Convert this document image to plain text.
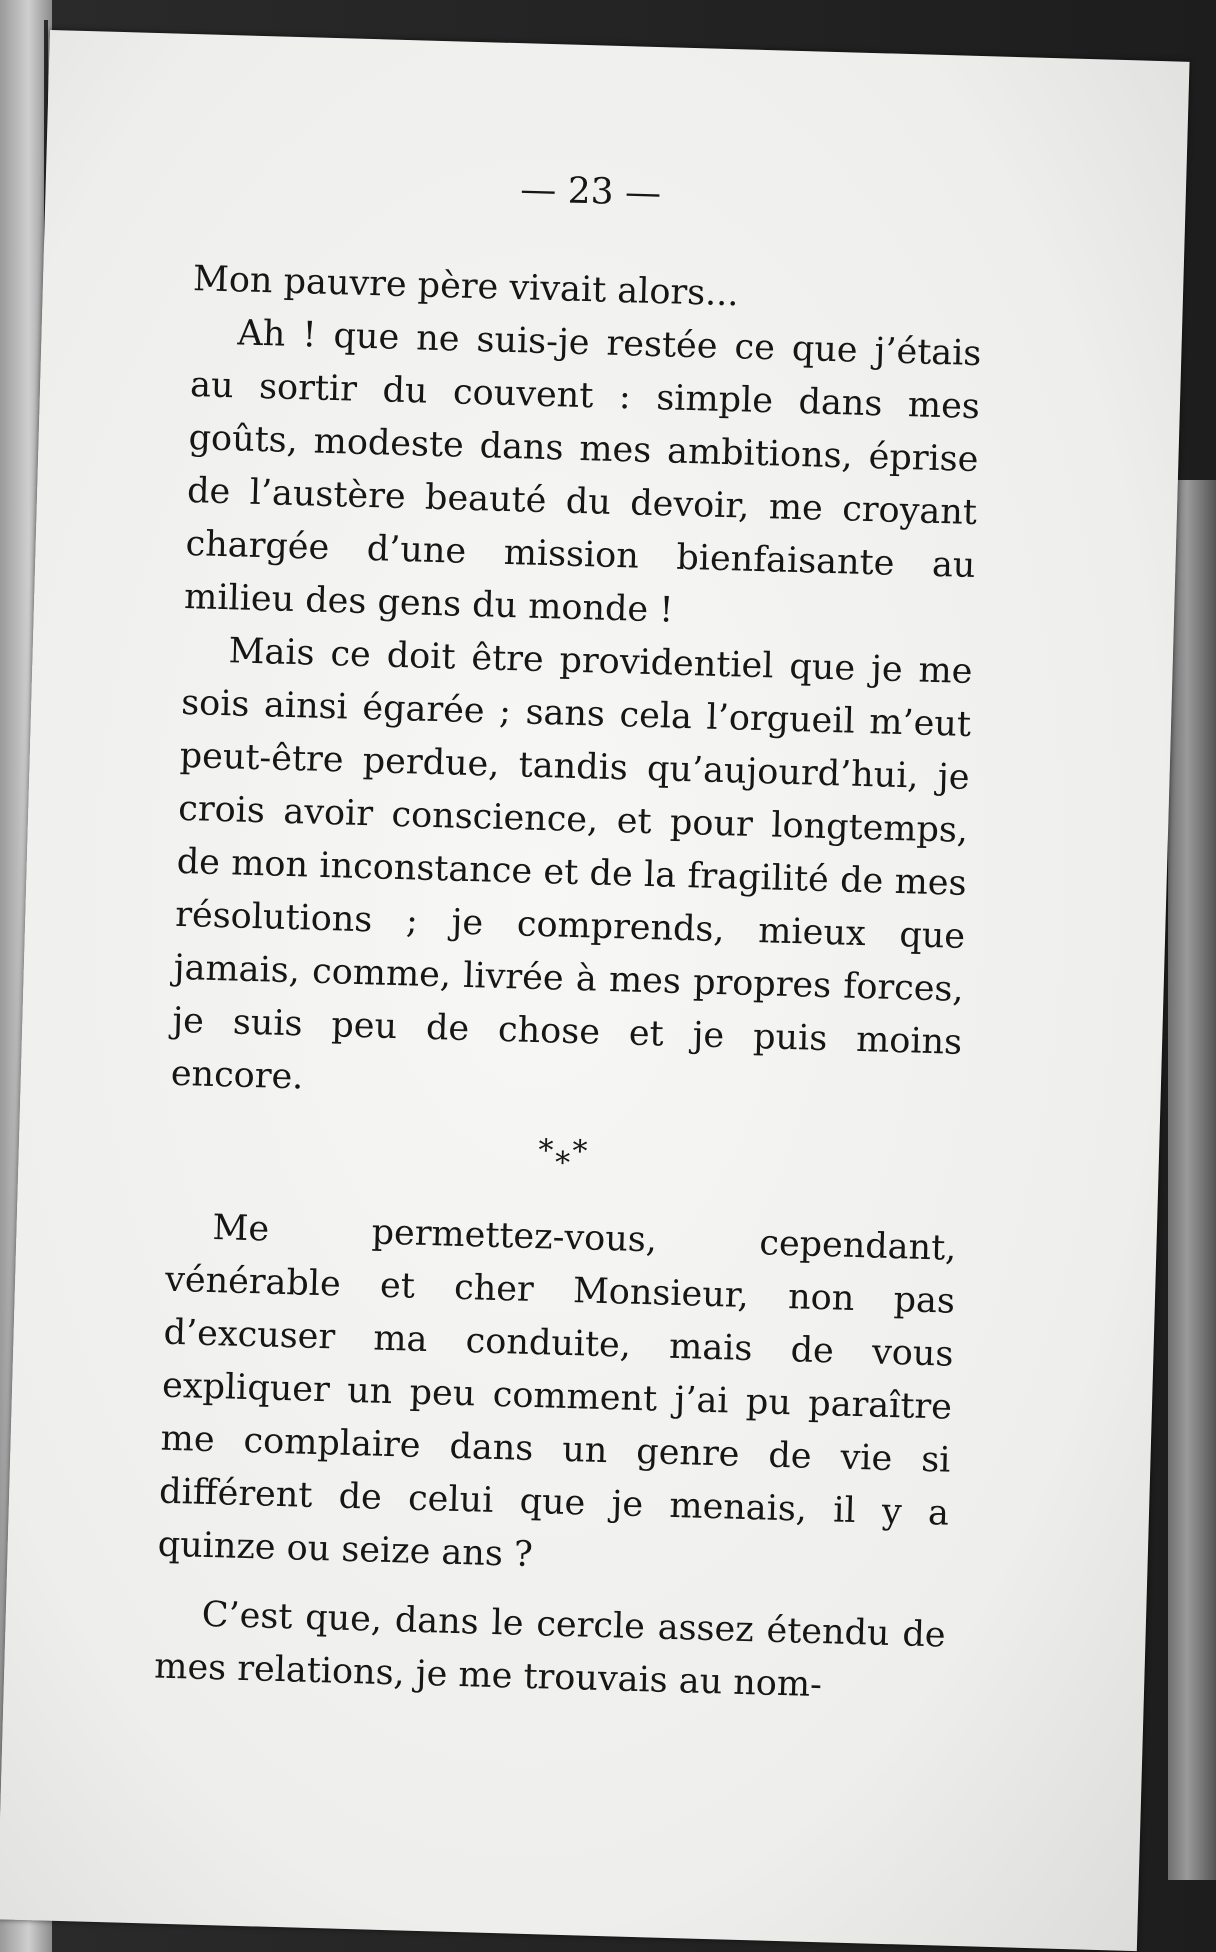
— 23 —

Mon pauvre père vivait alors...

Ah ! que ne suis-je restée ce que j’étais au sortir du couvent : simple dans mes goûts, modeste dans mes ambitions, éprise de l’austère beauté du devoir, me croyant chargée d’une mission bienfaisante au milieu des gens du monde !

Mais ce doit être providentiel que je me sois ainsi égarée ; sans cela l’orgueil m’eut peut-être perdue, tandis qu’aujourd’hui, je crois avoir conscience, et pour longtemps, de mon inconstance et de la fragilité de mes résolutions ; je comprends, mieux que jamais, comme, livrée à mes propres forces, je suis peu de chose et je puis moins encore.

***

Me permettez-vous, cependant, vénérable et cher Monsieur, non pas d’excuser ma conduite, mais de vous expliquer un peu comment j’ai pu paraître me complaire dans un genre de vie si différent de celui que je menais, il y a quinze ou seize ans ?

C’est que, dans le cercle assez étendu de mes relations, je me trouvais au nom-
